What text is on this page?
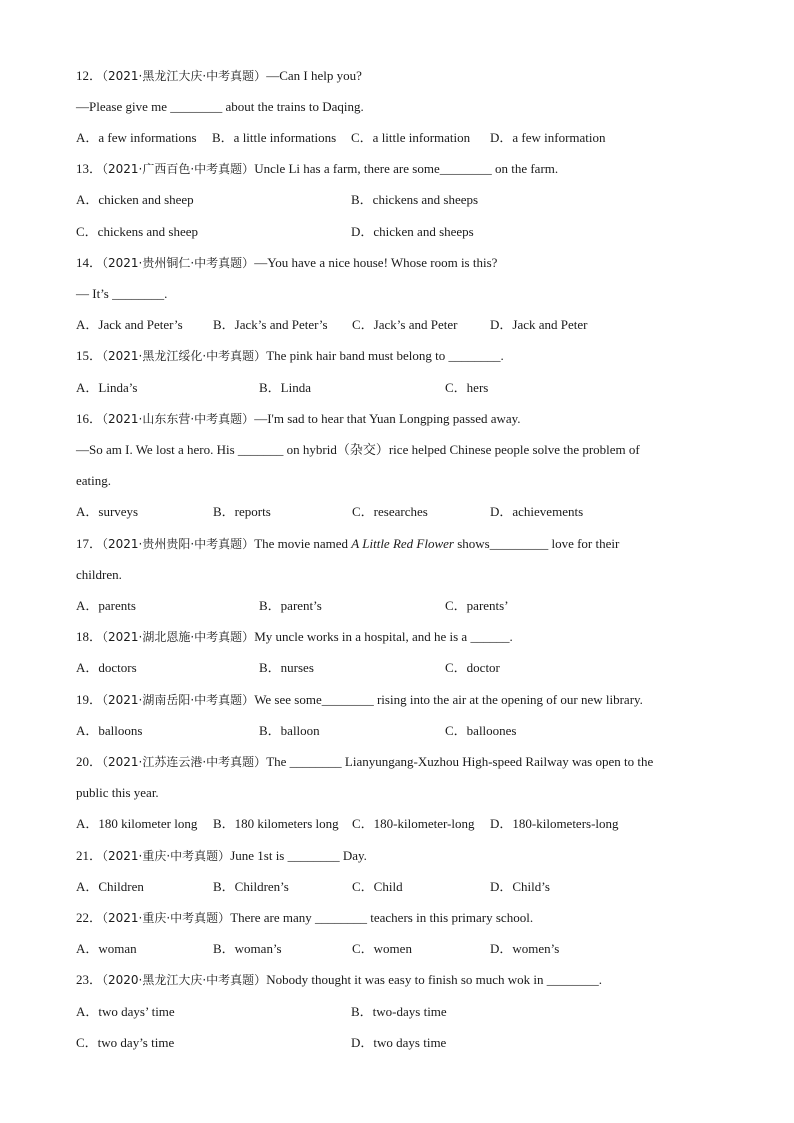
12．（2021·黑龙江大庆·中考真题）—Can I help you?
—Please give me ________ about the trains to Daqing.
A．a few informations B．a little informations C．a little information D．a few information
13．（2021·广西百色·中考真题）Uncle Li has a farm, there are some________ on the farm.
A．chicken and sheep	B．chickens and sheeps
C．chickens and sheep	D．chicken and sheeps
14．（2021·贵州铜仁·中考真题）—You have a nice house! Whose room is this?
— It’s ________.
A．Jack and Peter’s B．Jack’s and Peter’s C．Jack’s and Peter	D．Jack and Peter
15．（2021·黑龙江绥化·中考真题）The pink hair band must belong to ________.
A．Linda’s	B．Linda	C．hers
16．（2021·山东东营·中考真题）—I'm sad to hear that Yuan Longping passed away.
—So am I. We lost a hero. His _______ on hybrid（杂交）rice helped Chinese people solve the problem of
eating.
A．surveys	B．reports	C．researches	D．achievements
17．（2021·贵州贵阳·中考真题）The movie named A Little Red Flower shows_________ love for their
children.
A．parents	B．parent’s	C．parents’
18．（2021·湖北恩施·中考真题）My uncle works in a hospital, and he is a ______.
A．doctors	B．nurses	C．doctor
19．（2021·湖南岳阳·中考真题）We see some________ rising into the air at the opening of our new library.
A．balloons	B．balloon	C．balloones
20．（2021·江苏连云港·中考真题）The ________ Lianyungang-Xuzhou High-speed Railway was open to the
public this year.
A．180 kilometer long B．180 kilometers long C．180-kilometer-long D．180-kilometers-long
21．（2021·重庆·中考真题）June 1st is ________ Day.
A．Children	B．Children’s	C．Child	D．Child’s
22．（2021·重庆·中考真题）There are many ________ teachers in this primary school.
A．woman	B．woman’s	C．women	D．women’s
23．（2020·黑龙江大庆·中考真题）Nobody thought it was easy to finish so much wok in ________.
A．two days’ time	B．two-days time
C．two day’s time	D．two days time
